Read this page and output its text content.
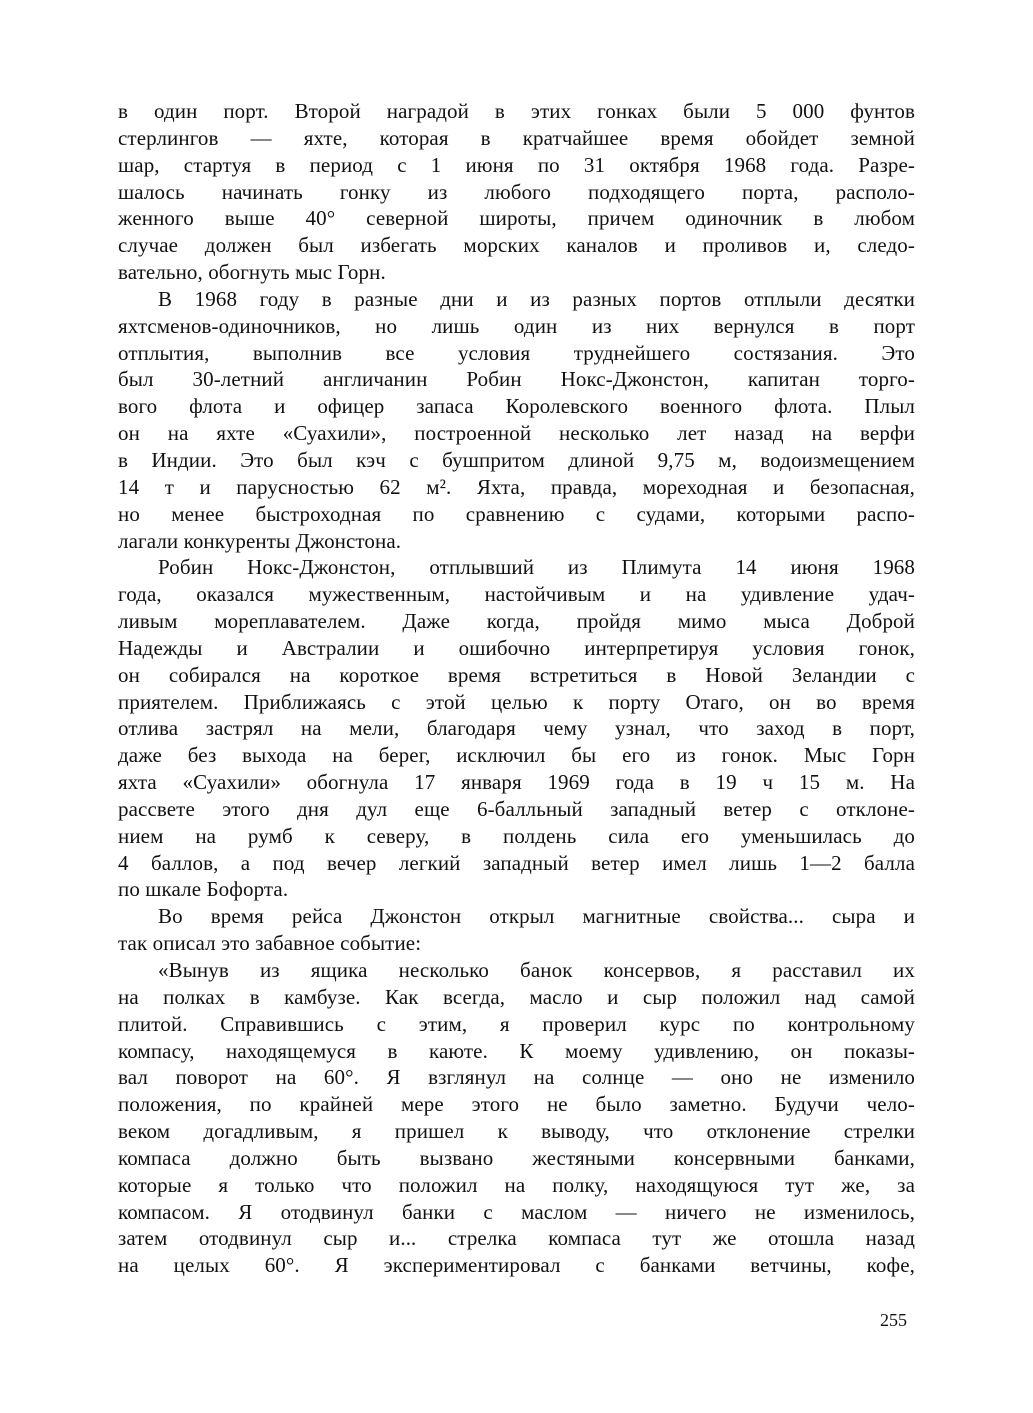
в один порт. Второй наградой в этих гонках были 5 000 фунтов
стерлингов — яхте, которая в кратчайшее время обойдет земной
шар, стартуя в период с 1 июня по 31 октября 1968 года. Разре-
шалось начинать гонку из любого подходящего порта, располо-
женного выше 40° северной широты, причем одиночник в любом
случае должен был избегать морских каналов и проливов и, следо-
вательно, обогнуть мыс Горн.
В 1968 году в разные дни и из разных портов отплыли десятки
яхтсменов-одиночников, но лишь один из них вернулся в порт
отплытия, выполнив все условия труднейшего состязания. Это
был 30-летний англичанин Робин Нокс-Джонстон, капитан торго-
вого флота и офицер запаса Королевского военного флота. Плыл
он на яхте «Суахили», построенной несколько лет назад на верфи
в Индии. Это был кэч с бушпритом длиной 9,75 м, водоизмещением
14 т и парусностью 62 м². Яхта, правда, мореходная и безопасная,
но менее быстроходная по сравнению с судами, которыми распо-
лагали конкуренты Джонстона.
Робин Нокс-Джонстон, отплывший из Плимута 14 июня 1968
года, оказался мужественным, настойчивым и на удивление удач-
ливым мореплавателем. Даже когда, пройдя мимо мыса Доброй
Надежды и Австралии и ошибочно интерпретируя условия гонок,
он собирался на короткое время встретиться в Новой Зеландии с
приятелем. Приближаясь с этой целью к порту Отаго, он во время
отлива застрял на мели, благодаря чему узнал, что заход в порт,
даже без выхода на берег, исключил бы его из гонок. Мыс Горн
яхта «Суахили» обогнула 17 января 1969 года в 19 ч 15 м. На
рассвете этого дня дул еще 6-балльный западный ветер с отклоне-
нием на румб к северу, в полдень сила его уменьшилась до
4 баллов, а под вечер легкий западный ветер имел лишь 1—2 балла
по шкале Бофорта.
Во время рейса Джонстон открыл магнитные свойства... сыра и
так описал это забавное событие:
«Вынув из ящика несколько банок консервов, я расставил их
на полках в камбузе. Как всегда, масло и сыр положил над самой
плитой. Справившись с этим, я проверил курс по контрольному
компасу, находящемуся в каюте. К моему удивлению, он показы-
вал поворот на 60°. Я взглянул на солнце — оно не изменило
положения, по крайней мере этого не было заметно. Будучи чело-
веком догадливым, я пришел к выводу, что отклонение стрелки
компаса должно быть вызвано жестяными консервными банками,
которые я только что положил на полку, находящуюся тут же, за
компасом. Я отодвинул банки с маслом — ничего не изменилось,
затем отодвинул сыр и... стрелка компаса тут же отошла назад
на целых 60°. Я экспериментировал с банками ветчины, кофе,
255
